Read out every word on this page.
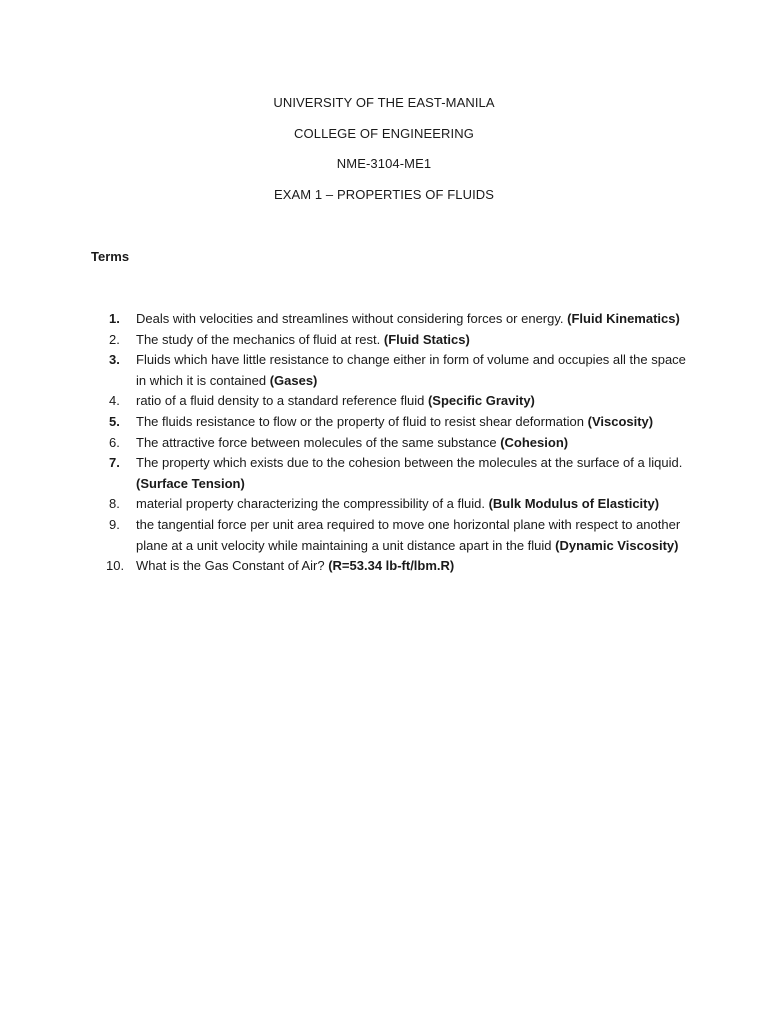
UNIVERSITY OF THE EAST-MANILA
COLLEGE OF ENGINEERING
NME-3104-ME1
EXAM 1 – PROPERTIES OF FLUIDS
Terms
1.	Deals with velocities and streamlines without considering forces or energy. (Fluid Kinematics)
2.	The study of the mechanics of fluid at rest. (Fluid Statics)
3.	Fluids which have little resistance to change either in form of volume and occupies all the space in which it is contained (Gases)
4.	ratio of a fluid density to a standard reference fluid (Specific Gravity)
5.	The fluids resistance to flow or the property of fluid to resist shear deformation (Viscosity)
6.	The attractive force between molecules of the same substance (Cohesion)
7.	The property which exists due to the cohesion between the molecules at the surface of a liquid. (Surface Tension)
8.	material property characterizing the compressibility of a fluid. (Bulk Modulus of Elasticity)
9.	the tangential force per unit area required to move one horizontal plane with respect to another plane at a unit velocity while maintaining a unit distance apart in the fluid (Dynamic Viscosity)
10. What is the Gas Constant of Air? (R=53.34 lb-ft/lbm.R)
